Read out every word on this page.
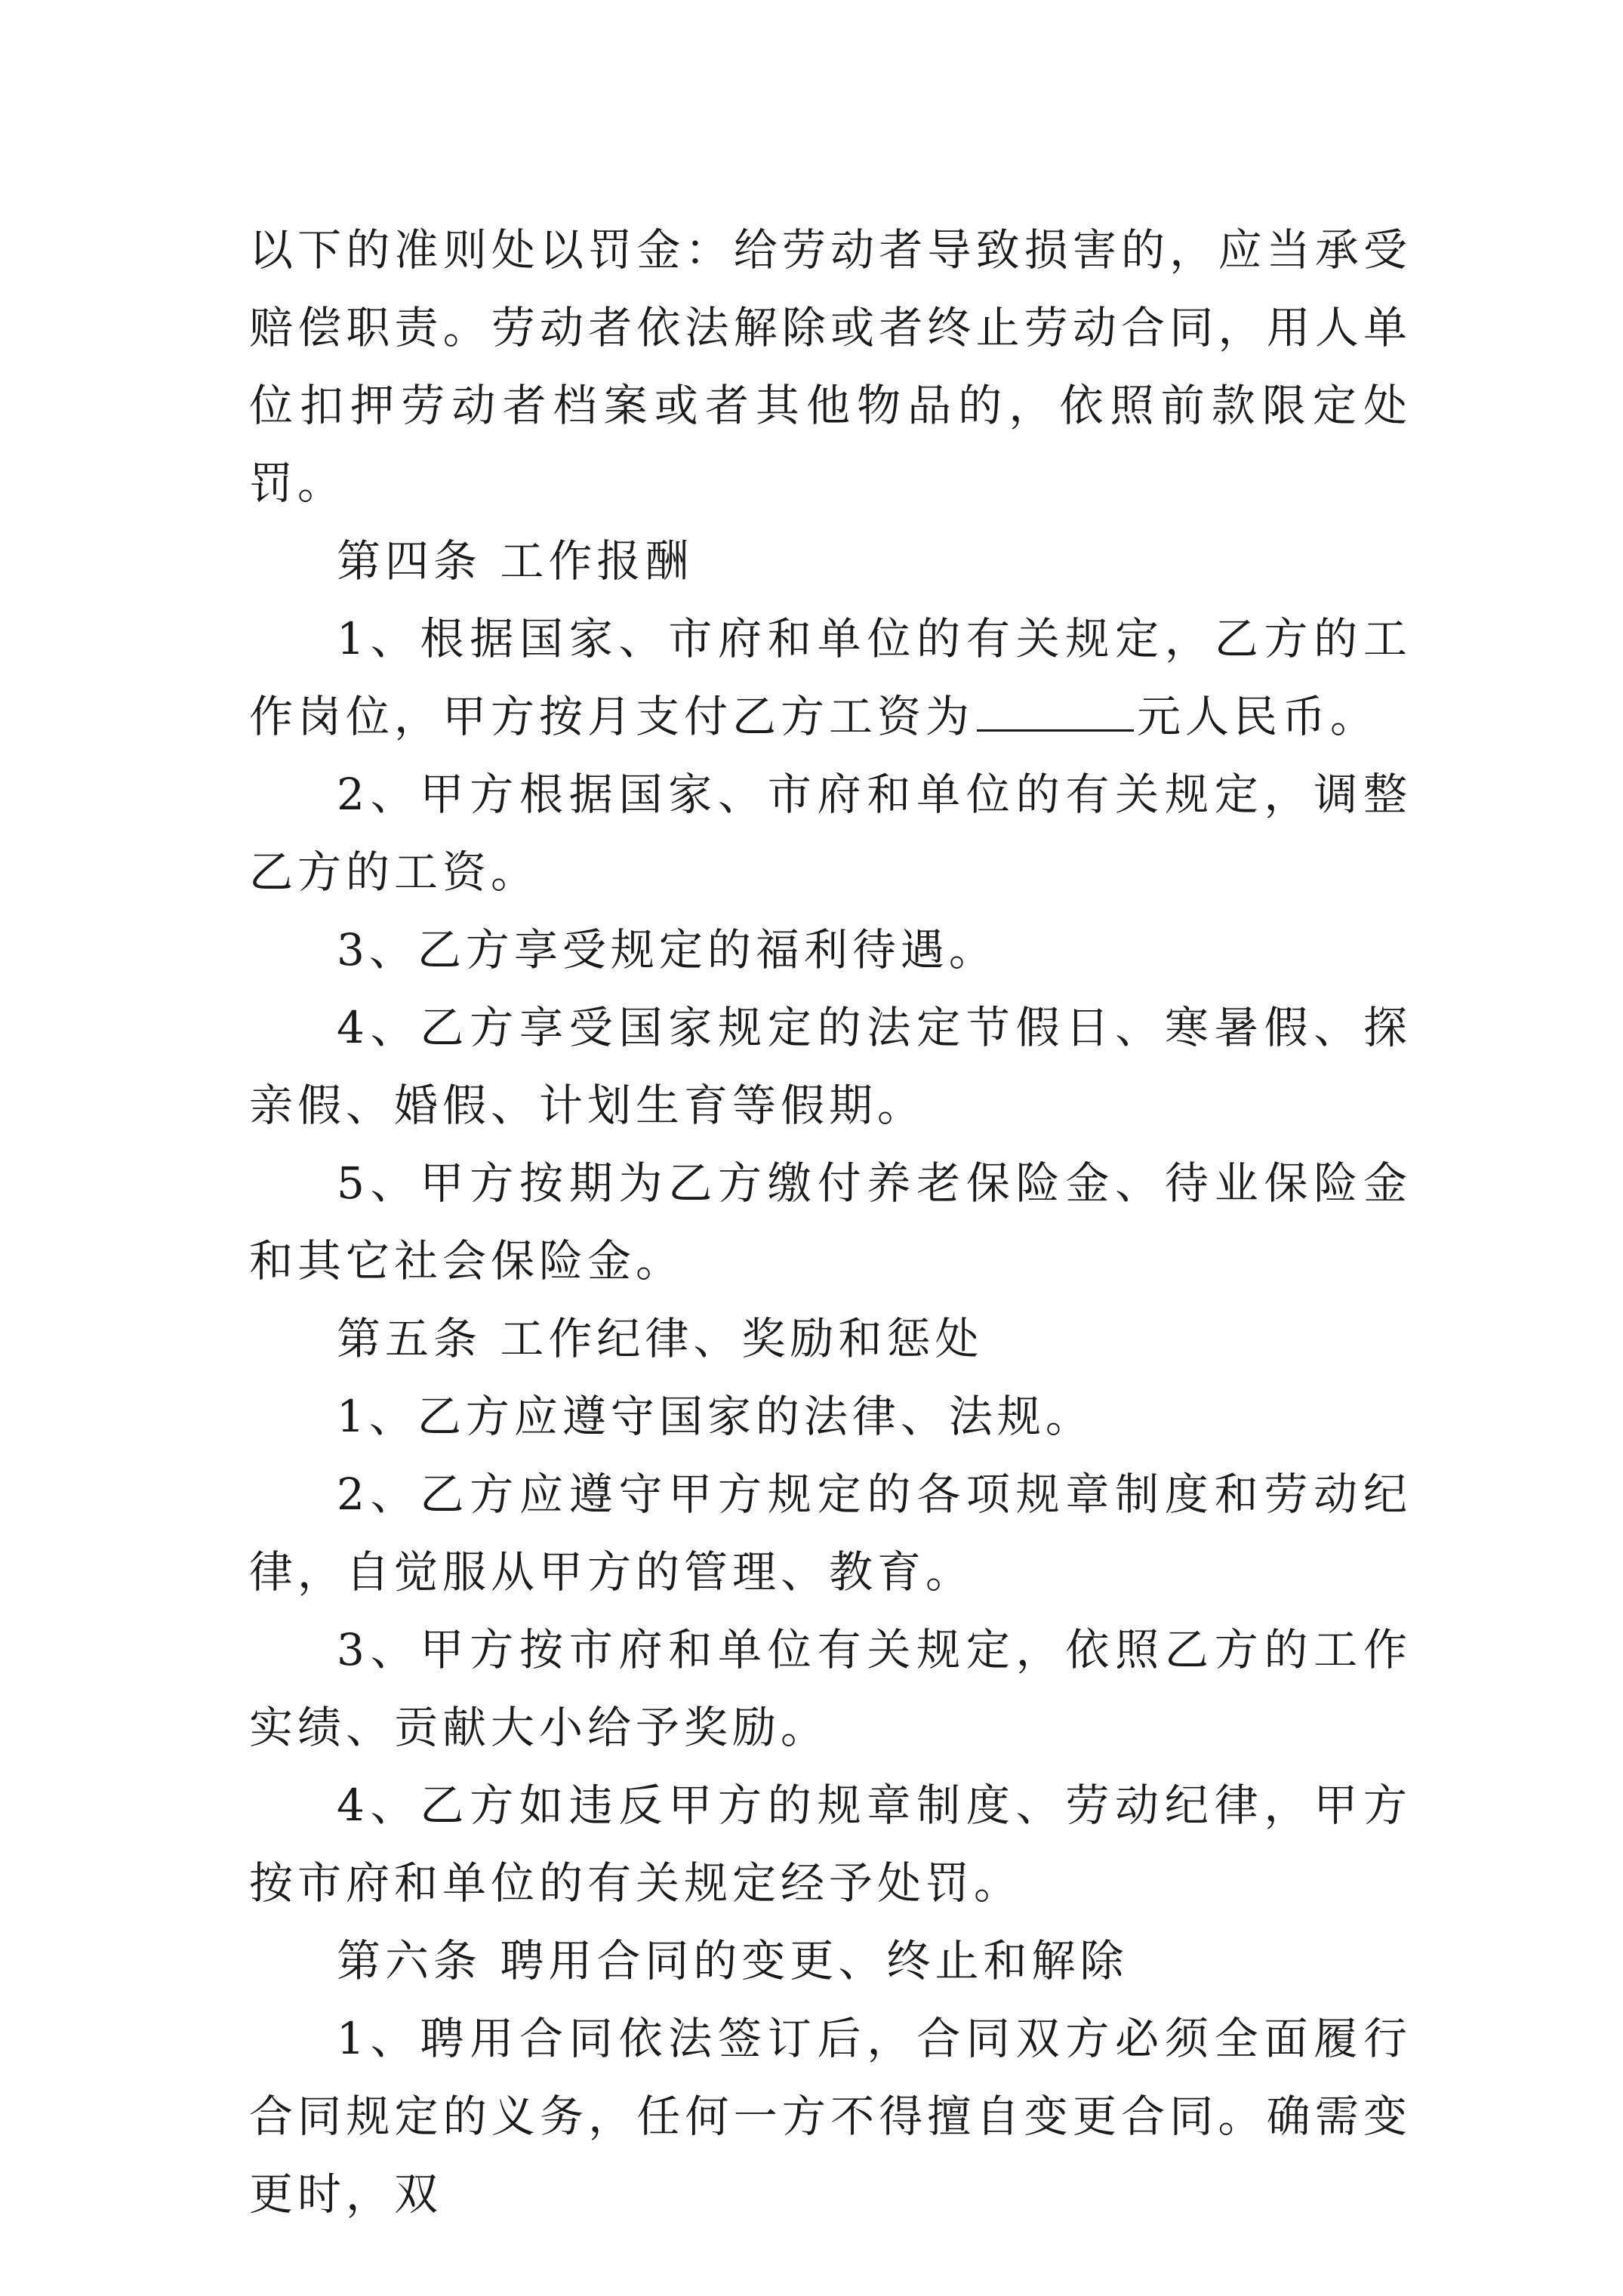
以下的准则处以罚金：给劳动者导致损害的，应当承受赔偿职责。劳动者依法解除或者终止劳动合同，用人单位扣押劳动者档案或者其他物品的，依照前款限定处罚。

第四条 工作报酬

1、根据国家、市府和单位的有关规定，乙方的工作岗位，甲方按月支付乙方工资为	元人民币。

2、甲方根据国家、市府和单位的有关规定，调整乙方的工资。

3、乙方享受规定的福利待遇。

4、乙方享受国家规定的法定节假日、寒暑假、探亲假、婚假、计划生育等假期。

5、甲方按期为乙方缴付养老保险金、待业保险金和其它社会保险金。

第五条 工作纪律、奖励和惩处

1、乙方应遵守国家的法律、法规。

2、乙方应遵守甲方规定的各项规章制度和劳动纪律，自觉服从甲方的管理、教育。

3、甲方按市府和单位有关规定，依照乙方的工作实绩、贡献大小给予奖励。

4、乙方如违反甲方的规章制度、劳动纪律，甲方按市府和单位的有关规定经予处罚。

第六条 聘用合同的变更、终止和解除

1、聘用合同依法签订后，合同双方必须全面履行合同规定的义务，任何一方不得擅自变更合同。确需变更时，双
